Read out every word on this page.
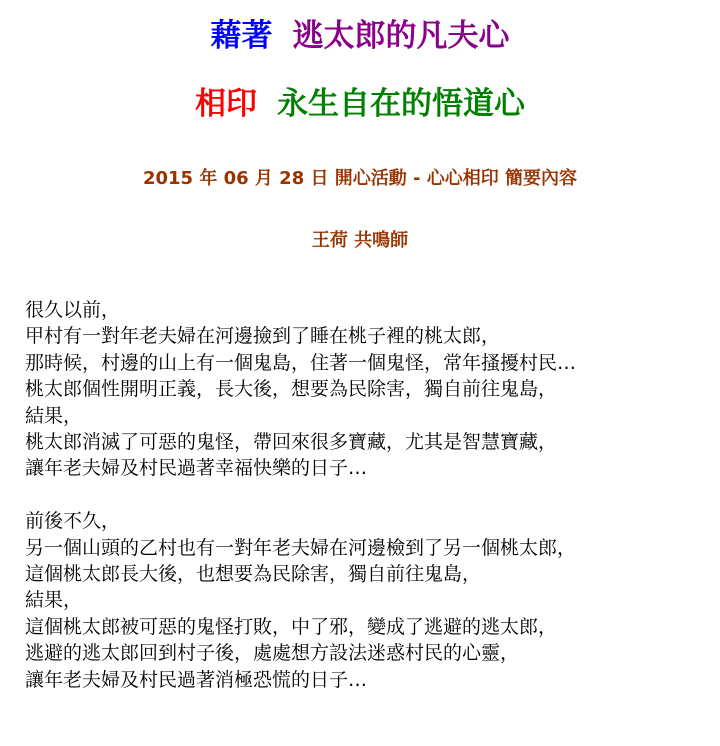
藉著 逃太郎的凡夫心
相印 永生自在的悟道心
2015 年 06 月 28 日 開心活動 - 心心相印 簡要內容
王荷 共鳴師

很久以前，
甲村有一對年老夫婦在河邊撿到了睡在桃子裡的桃太郎，
那時候，村邊的山上有一個鬼島，住著一個鬼怪，常年搔擾村民…
桃太郎個性開明正義，長大後，想要為民除害，獨自前往鬼島，
結果，
桃太郎消滅了可惡的鬼怪，帶回來很多寶藏，尤其是智慧寶藏，
讓年老夫婦及村民過著幸福快樂的日子…

前後不久，
另一個山頭的乙村也有一對年老夫婦在河邊檢到了另一個桃太郎，
這個桃太郎長大後，也想要為民除害，獨自前往鬼島，
結果，
這個桃太郎被可惡的鬼怪打敗，中了邪，變成了逃避的逃太郎，
逃避的逃太郎回到村子後，處處想方設法迷惑村民的心靈，
讓年老夫婦及村民過著消極恐慌的日子…
